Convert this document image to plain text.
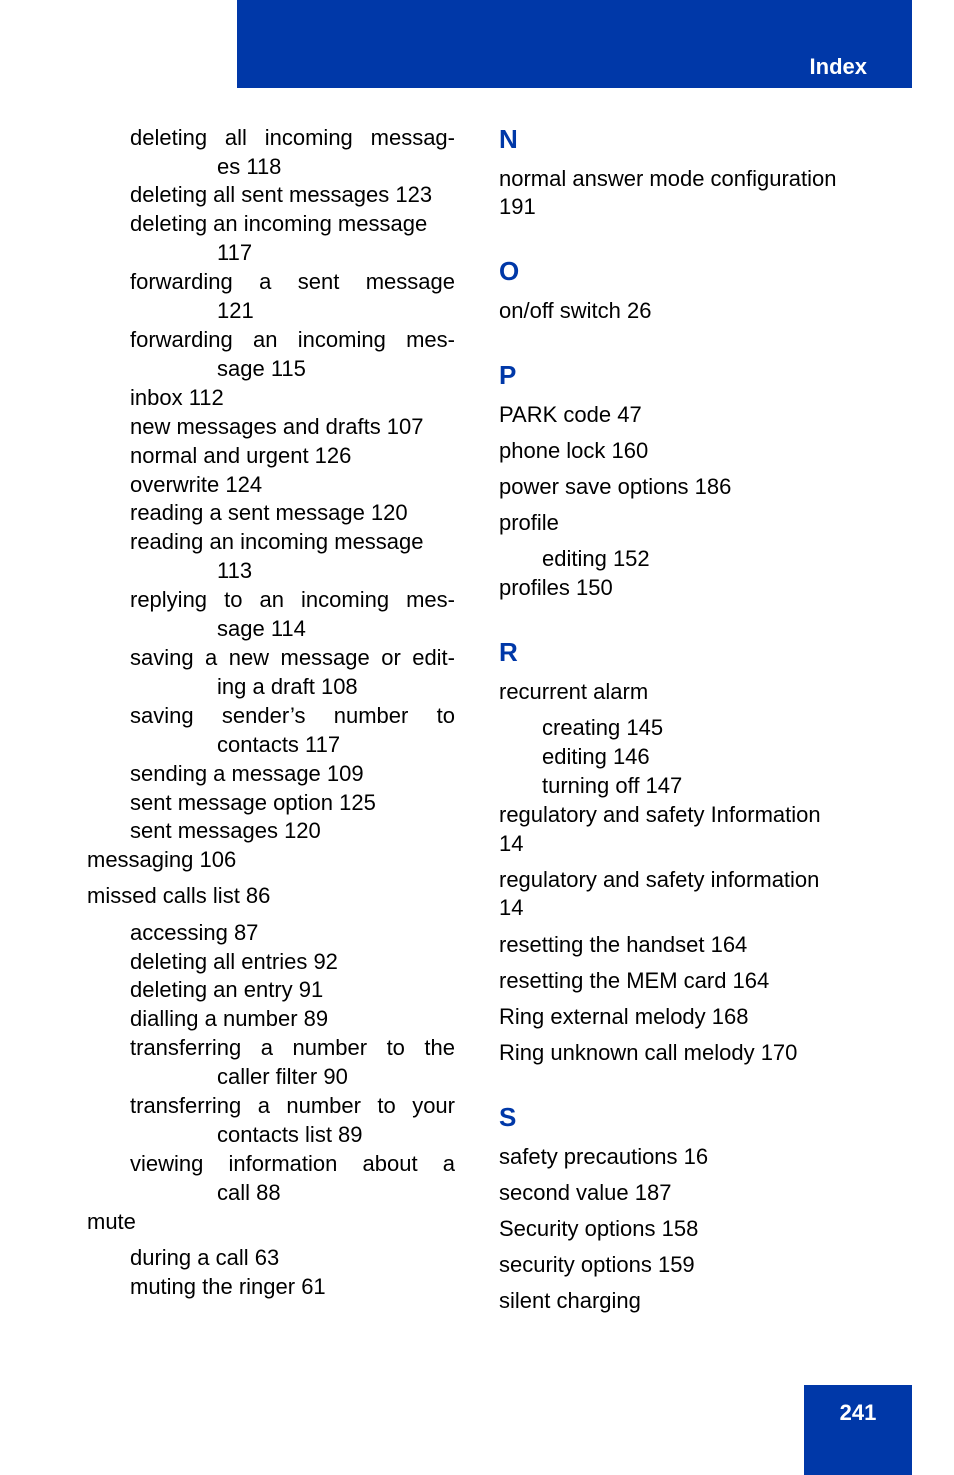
Index
deleting all incoming messag-
es 118
deleting all sent messages 123
deleting an incoming message
117
forwarding a sent message
121
forwarding an incoming mes-
sage 115
inbox 112
new messages and drafts 107
normal and urgent 126
overwrite 124
reading a sent message 120
reading an incoming message
113
replying to an incoming mes-
sage 114
saving a new message or edit-
ing a draft 108
saving sender’s number to
contacts 117
sending a message 109
sent message option 125
sent messages 120
messaging 106
missed calls list 86
accessing 87
deleting all entries 92
deleting an entry 91
dialling a number 89
transferring a number to the
caller filter 90
transferring a number to your
contacts list 89
viewing information about a
call 88
mute
during a call 63
muting the ringer 61
N
normal answer mode configuration
191
O
on/off switch 26
P
PARK code 47
phone lock 160
power save options 186
profile
editing 152
profiles 150
R
recurrent alarm
creating 145
editing 146
turning off 147
regulatory and safety Information
14
regulatory and safety information
14
resetting the handset 164
resetting the MEM card 164
Ring external melody 168
Ring unknown call melody 170
S
safety precautions 16
second value 187
Security options 158
security options 159
silent charging
241
